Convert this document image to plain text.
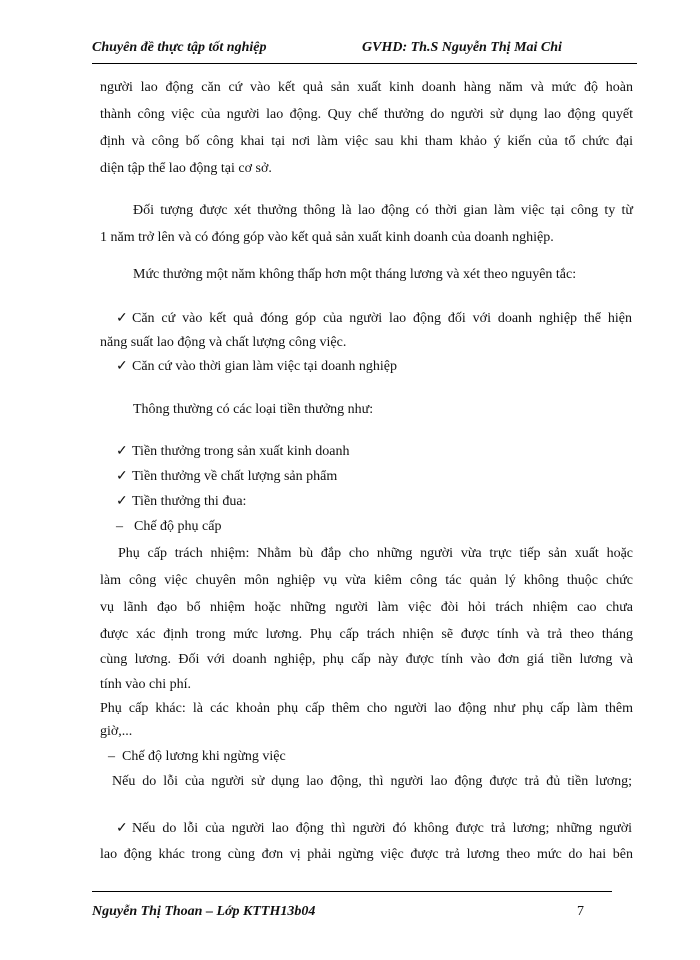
Chuyên đề thực tập tốt nghiệp	GVHD: Th.S Nguyễn Thị Mai Chi
người lao động căn cứ vào kết quả sản xuất kinh doanh hàng năm và mức độ hoàn
thành công việc của người lao động. Quy chế thưởng do người sử dụng lao động quyết
định và công bố công khai tại nơi làm việc sau khi tham khảo ý kiến của tổ chức đại
diện tập thể lao động tại cơ sở.
Đối tượng được xét thưởng thông là lao động có thời gian làm việc tại công ty từ
1 năm trở lên và có đóng góp vào kết quả sản xuất kinh doanh của doanh nghiệp.
Mức thưởng một năm không thấp hơn một tháng lương và xét theo nguyên tắc:
✓ Căn cứ vào kết quả đóng góp của người lao động đối với doanh nghiệp thể hiện
năng suất lao động và chất lượng công việc.
✓ Căn cứ vào thời gian làm việc tại doanh nghiệp
Thông thường có các loại tiền thưởng như:
✓ Tiền thưởng trong sản xuất kinh doanh
✓ Tiền thưởng về chất lượng sản phẩm
✓ Tiền thưởng thi đua:
– Chế độ phụ cấp
Phụ cấp trách nhiệm: Nhằm bù đắp cho những người vừa trực tiếp sản xuất hoặc
làm công việc chuyên môn nghiệp vụ vừa kiêm công tác quản lý không thuộc chức
vụ lãnh đạo bổ nhiệm hoặc những người làm việc đòi hỏi trách nhiệm cao chưa
được xác định trong mức lương. Phụ cấp trách nhiện sẽ được tính và trả theo tháng
cùng lương. Đối với doanh nghiệp, phụ cấp này được tính vào đơn giá tiền lương và
tính vào chi phí.
Phụ cấp khác: là các khoản phụ cấp thêm cho người lao động như phụ cấp làm thêm
giờ,...
– Chế độ lương khi ngừng việc
Nếu do lỗi của người sử dụng lao động, thì người lao động được trả đủ tiền lương;
✓ Nếu do lỗi của người lao động thì người đó không được trả lương; những người
lao động khác trong cùng đơn vị phải ngừng việc được trả lương theo mức do hai bên
Nguyễn Thị Thoan – Lớp KTTH13b04	7
